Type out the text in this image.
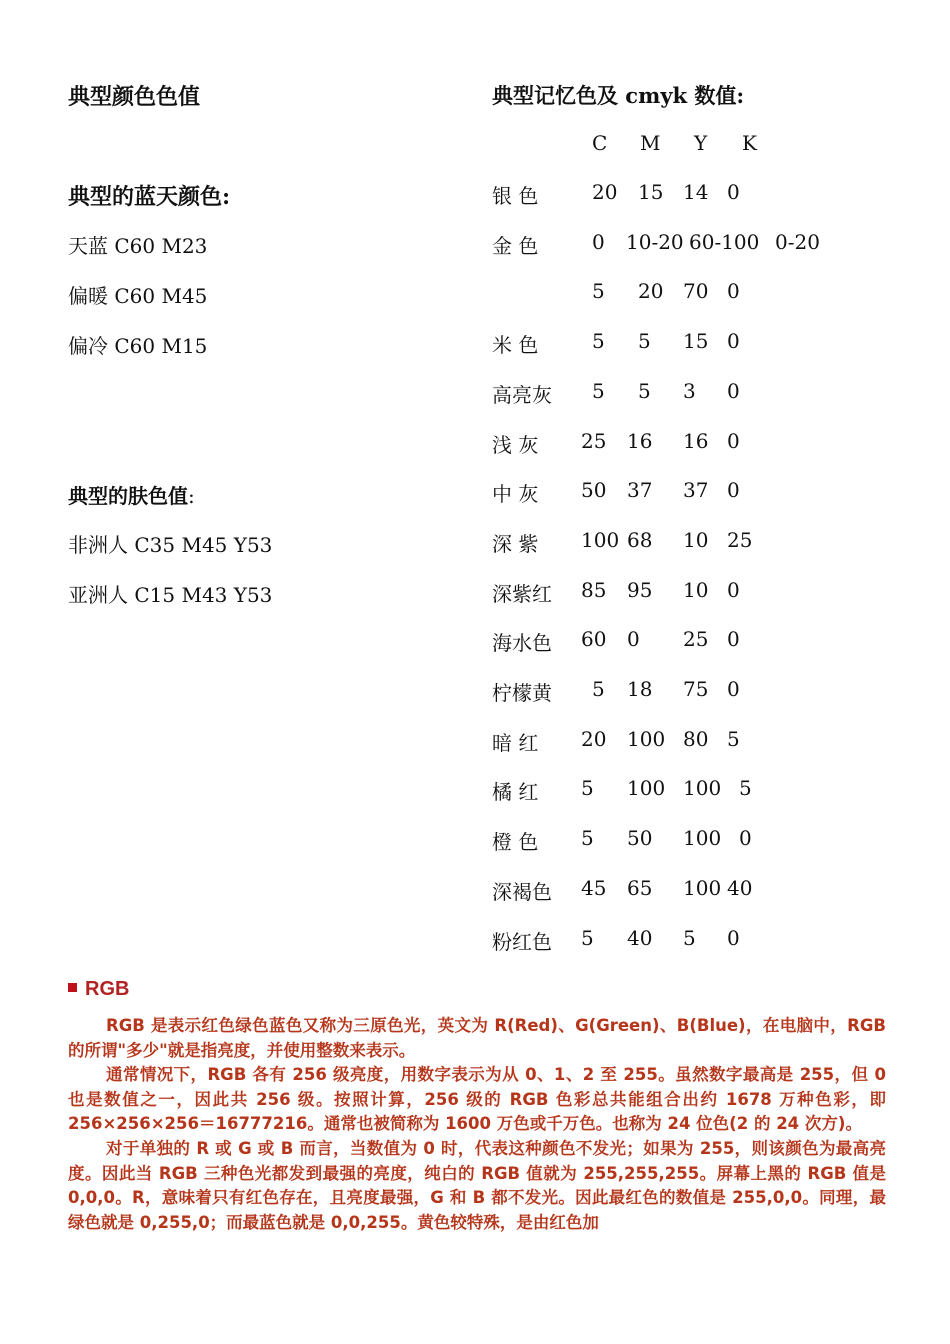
典型颜色色值
典型的蓝天颜色:
天蓝 C60 M23
偏暖 C60 M45
偏冷 C60 M15
典型的肤色值:
非洲人 C35 M45 Y53
亚洲人 C15 M43 Y53
典型记忆色及 cmyk 数值:
C M Y K
银 色	20 15 14 0
金 色	0 10-20 60-100 0-20
5 20 70 0
米 色	5 5 15 0
高亮灰 5 5 3 0
浅 灰 25 16 16 0
中 灰 50 37 37 0
深 紫 100 68 10 25
深紫红 85 95 10 0
海水色 60 0 25 0
柠檬黄 5 18 75 0
暗 红 20 100 80 5
橘 红 5 100 100 5
橙 色 5 50 100 0
深褐色 45 65 100 40
粉红色 5 40 5 0
RGB

RGB 是表示红色绿色蓝色又称为三原色光，英文为 R(Red)、G(Green)、B(Blue)，在电脑中，RGB 的所谓"多少"就是指亮度，并使用整数来表示。

通常情况下，RGB 各有 256 级亮度，用数字表示为从 0、1、2 至 255。虽然数字最高是 255，但 0 也是数值之一，因此共 256 级。按照计算，256 级的 RGB 色彩总共能组合出约 1678 万种色彩，即 256×256×256＝16777216。通常也被简称为 1600 万色或千万色。也称为 24 位色(2 的 24 次方)。

对于单独的 R 或 G 或 B 而言，当数值为 0 时，代表这种颜色不发光；如果为 255，则该颜色为最高亮度。因此当 RGB 三种色光都发到最强的亮度，纯白的 RGB 值就为 255,255,255。屏幕上黑的 RGB 值是 0,0,0。R，意味着只有红色存在，且亮度最强，G 和 B 都不发光。因此最红色的数值是 255,0,0。同理，最绿色就是 0,255,0；而最蓝色就是 0,0,255。黄色较特殊，是由红色加
